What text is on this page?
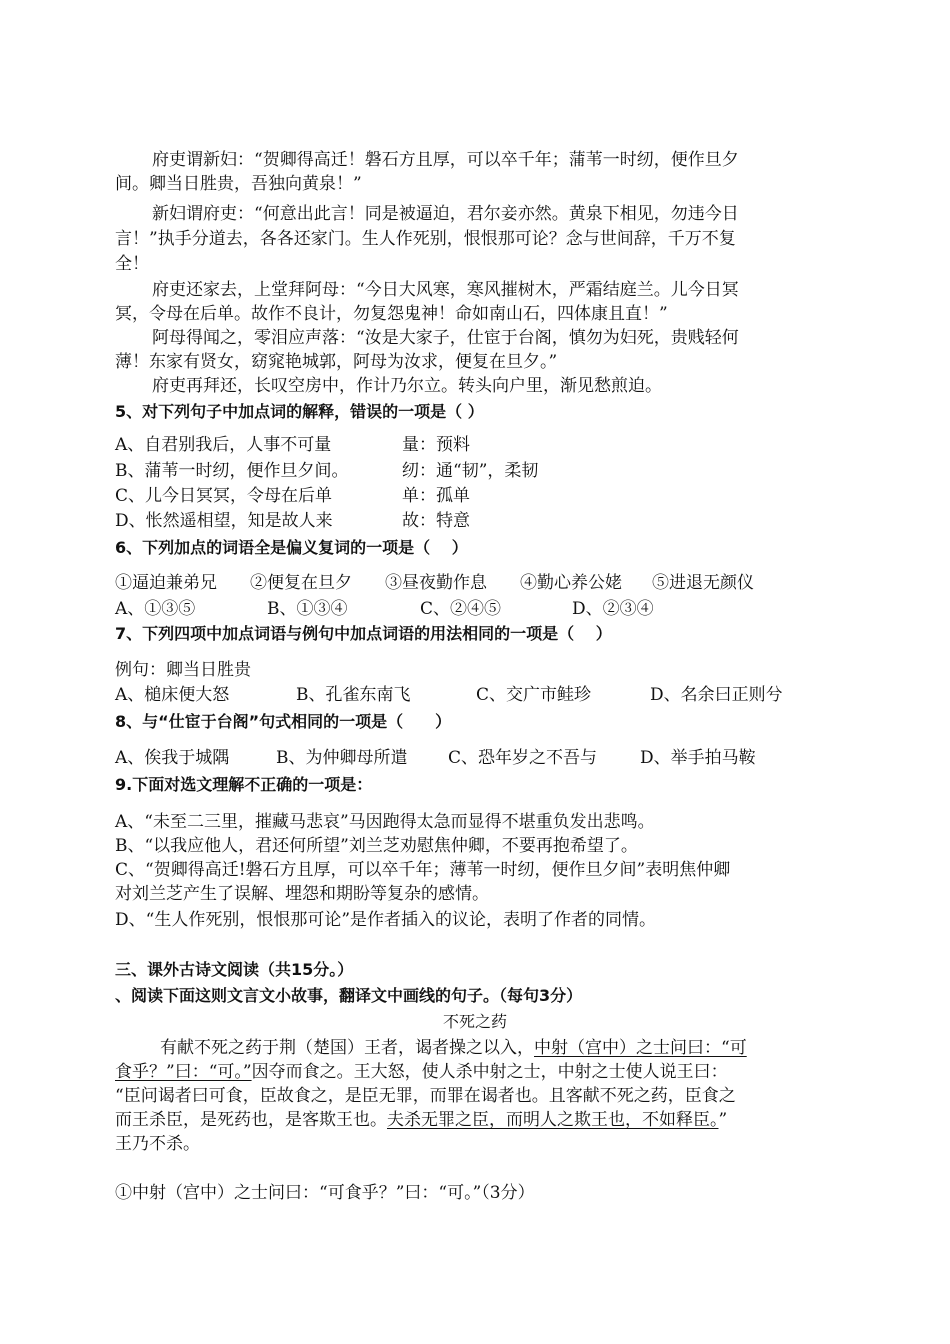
府吏谓新妇：“贺卿得高迁！磐石方且厚，可以卒千年；蒲苇一时纫，便作旦夕
间。卿当日胜贵，吾独向黄泉！”
新妇谓府吏：“何意出此言！同是被逼迫，君尔妾亦然。黄泉下相见，勿违今日
言！”执手分道去，各各还家门。生人作死别，恨恨那可论？念与世间辞，千万不复
全！
府吏还家去，上堂拜阿母：“今日大风寒，寒风摧树木，严霜结庭兰。儿今日冥
冥，令母在后单。故作不良计，勿复怨鬼神！命如南山石，四体康且直！”
阿母得闻之，零泪应声落：“汝是大家子，仕宦于台阁，慎勿为妇死，贵贱轻何
薄！东家有贤女，窈窕艳城郭，阿母为汝求，便复在旦夕。”
府吏再拜还，长叹空房中，作计乃尔立。转头向户里，渐见愁煎迫。
5、对下列句子中加点词的解释，错误的一项是（ ）
A、自君别我后，人事不可量	量：预料
B、蒲苇一时纫，便作旦夕间。	纫：通“韧”，柔韧
C、儿今日冥冥，令母在后单	单：孤单
D、怅然遥相望，知是故人来	故：特意
6、下列加点的词语全是偏义复词的一项是（　 ）
①逼迫兼弟兄 ②便复在旦夕 ③昼夜勤作息 ④勤心养公姥 ⑤进退无颜仪
A、①③⑤	B、①③④	C、②④⑤	D、②③④
7、下列四项中加点词语与例句中加点词语的用法相同的一项是（　 ）
例句：卿当日胜贵
A、槌床便大怒	B、孔雀东南飞	C、交广市鲑珍	D、名余曰正则兮
8、与“仕宦于台阁”句式相同的一项是（　　）
A、俟我于城隅	B、为仲卿母所遣 C、恐年岁之不吾与	D、举手拍马鞍
9.下面对选文理解不正确的一项是：
A、“未至二三里，摧藏马悲哀”马因跑得太急而显得不堪重负发出悲鸣。
B、“以我应他人，君还何所望”刘兰芝劝慰焦仲卿，不要再抱希望了。
C、“贺卿得高迁!磐石方且厚，可以卒千年；薄苇一时纫，便作旦夕间”表明焦仲卿
对刘兰芝产生了误解、埋怨和期盼等复杂的感情。
D、“生人作死别，恨恨那可论”是作者插入的议论，表明了作者的同情。
三、课外古诗文阅读（共15分。）
、阅读下面这则文言文小故事，翻译文中画线的句子。（每句3分）
不死之药
有献不死之药于荆（楚国）王者，谒者操之以入，中射（宫中）之士问曰：“可
食乎？”曰：“可。”因夺而食之。王大怒，使人杀中射之士，中射之士使人说王曰：
“臣问谒者曰可食，臣故食之，是臣无罪，而罪在谒者也。且客献不死之药，臣食之
而王杀臣，是死药也，是客欺王也。夫杀无罪之臣，而明人之欺王也，不如释臣。”
王乃不杀。
①中射（宫中）之士问曰：“可食乎？”曰：“可。”（3分）
